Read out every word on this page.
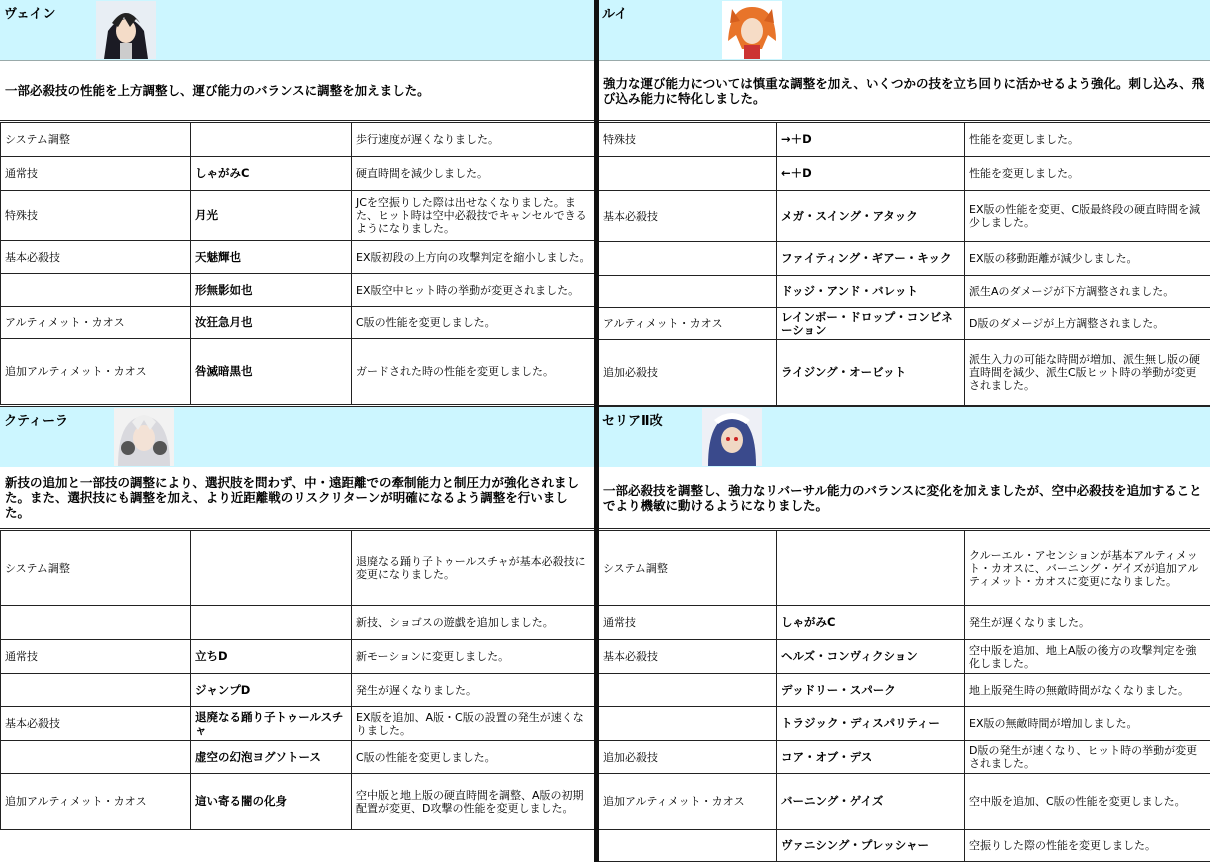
ヴェイン
一部必殺技の性能を上方調整し、運び能力のバランスに調整を加えました。
システム調整		歩行速度が遅くなりました。
通常技	しゃがみC	硬直時間を減少しました。
特殊技	月光	JCを空振りした際は出せなくなりました。また、ヒット時は空中必殺技でキャンセルできるようになりました。
基本必殺技	天魅輝也	EX版初段の上方向の攻撃判定を縮小しました。
	形無影如也	EX版空中ヒット時の挙動が変更されました。
アルティメット・カオス	汝狂急月也	C版の性能を変更しました。
追加アルティメット・カオス	咎滅暗黒也	ガードされた時の性能を変更しました。
ルイ
強力な運び能力については慎重な調整を加え、いくつかの技を立ち回りに活かせるよう強化。刺し込み、飛び込み能力に特化しました。
特殊技	→＋D	性能を変更しました。
	←＋D	性能を変更しました。
基本必殺技	メガ・スイング・アタック	EX版の性能を変更、C版最終段の硬直時間を減少しました。
	ファイティング・ギアー・キック	EX版の移動距離が減少しました。
	ドッジ・アンド・バレット	派生Aのダメージが下方調整されました。
アルティメット・カオス	レインボー・ドロップ・コンビネーション	D版のダメージが上方調整されました。
追加必殺技	ライジング・オービット	派生入力の可能な時間が増加、派生無し版の硬直時間を減少、派生C版ヒット時の挙動が変更されました。
クティーラ
新技の追加と一部技の調整により、選択肢を問わず、中・遠距離での牽制能力と制圧力が強化されました。また、選択技にも調整を加え、より近距離戦のリスクリターンが明確になるよう調整を行いました。
システム調整		退廃なる踊り子トゥールスチャが基本必殺技に変更になりました。
		新技、ショゴスの遊戯を追加しました。
通常技	立ちD	新モーションに変更しました。
	ジャンプD	発生が遅くなりました。
基本必殺技	退廃なる踊り子トゥールスチャ	EX版を追加、A版・C版の設置の発生が速くなりました。
	虚空の幻泡ヨグソトース	C版の性能を変更しました。
追加アルティメット・カオス	這い寄る闇の化身	空中版と地上版の硬直時間を調整、A版の初期配置が変更、D攻撃の性能を変更しました。
セリアⅡ改
一部必殺技を調整し、強力なリバーサル能力のバランスに変化を加えましたが、空中必殺技を追加することでより機敏に動けるようになりました。
システム調整		クルーエル・アセンションが基本アルティメット・カオスに、バーニング・ゲイズが追加アルティメット・カオスに変更になりました。
通常技	しゃがみC	発生が遅くなりました。
基本必殺技	ヘルズ・コンヴィクション	空中版を追加、地上A版の後方の攻撃判定を強化しました。
	デッドリー・スパーク	地上版発生時の無敵時間がなくなりました。
	トラジック・ディスパリティー	EX版の無敵時間が増加しました。
追加必殺技	コア・オブ・デス	D版の発生が速くなり、ヒット時の挙動が変更されました。
追加アルティメット・カオス	バーニング・ゲイズ	空中版を追加、C版の性能を変更しました。
	ヴァニシング・プレッシャー	空振りした際の性能を変更しました。
